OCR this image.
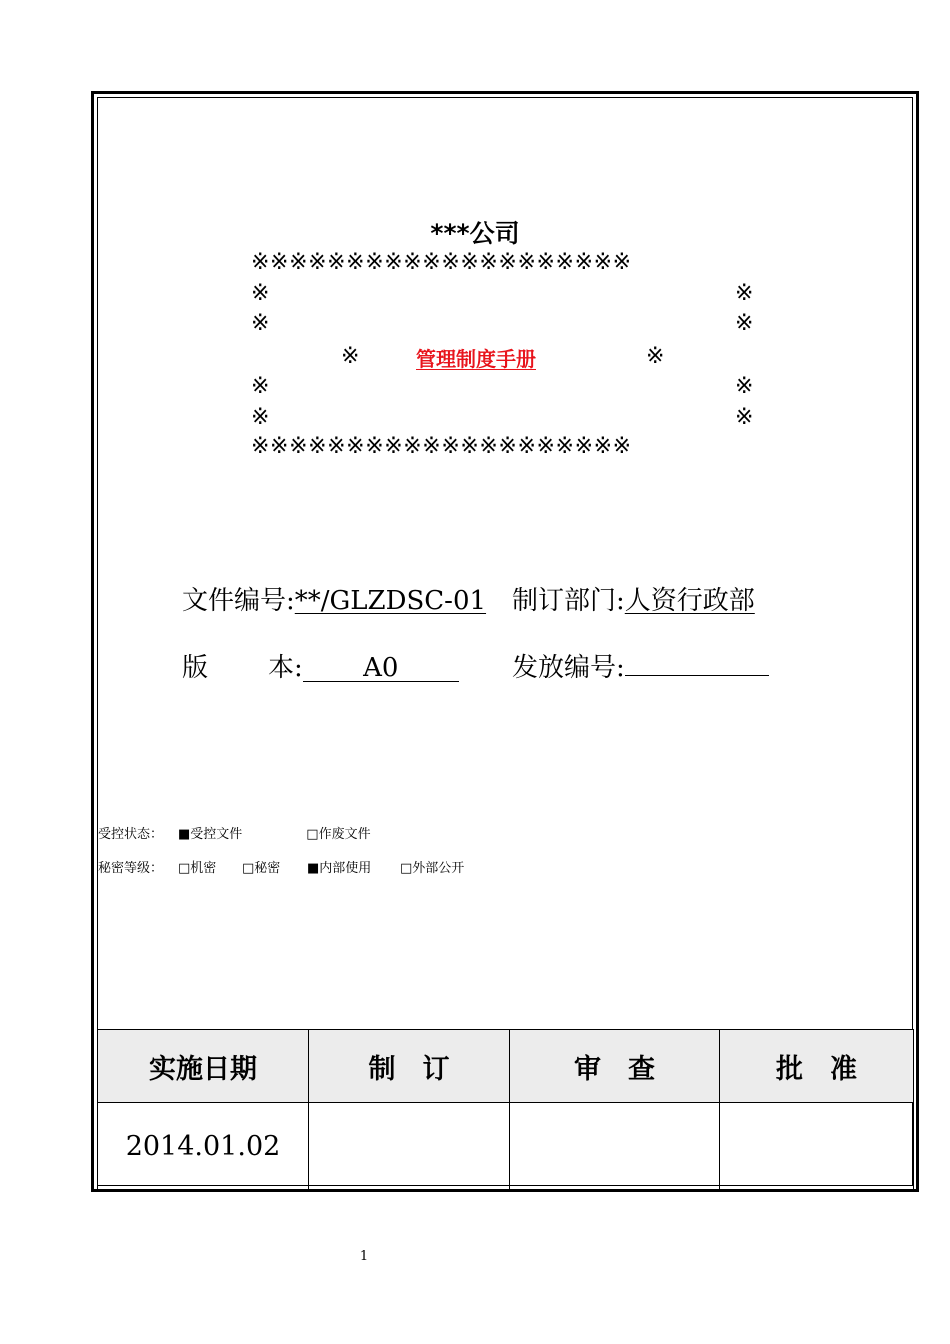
***公司
※※※※※※※※※※※※※※※※※※※※
※	※
※	※
※	管理制度手册	※
※	※
※	※
※※※※※※※※※※※※※※※※※※※※
文件编号:**/GLZDSC-01 制订部门:人资行政部
版 本: A0	发放编号:
受控状态： ■受控文件	□作废文件
秘密等级： □机密 □秘密 ■内部使用 □外部公开
实施日期	制　订	审　查	批　准
2014.01.02			
1
